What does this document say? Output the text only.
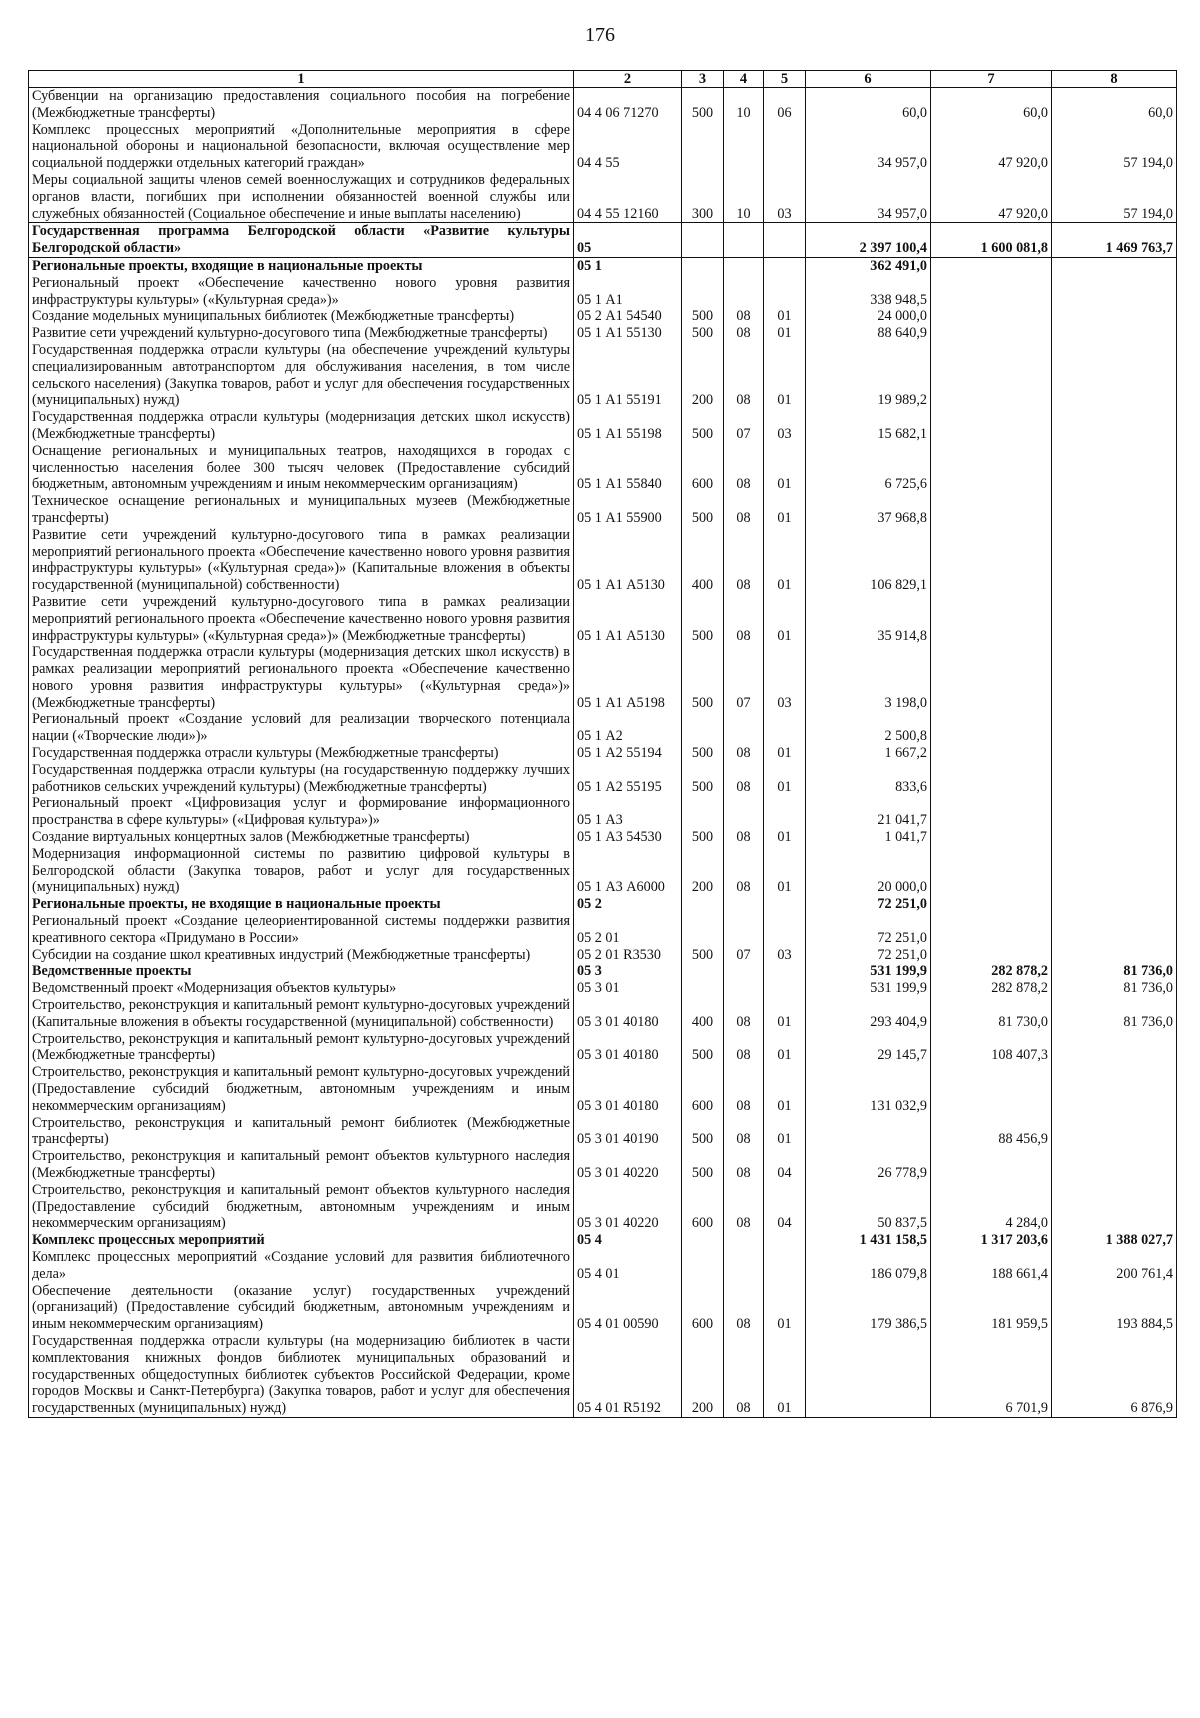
176
1	2	3	4	5	6	7	8
Субвенции на организацию предоставления социального пособия на погребение (Межбюджетные трансферты)	04 4 06 71270	500	10	06	60,0	60,0	60,0
Комплекс процессных мероприятий «Дополнительные мероприятия в сфере национальной обороны и национальной безопасности, включая осуществление мер социальной поддержки отдельных категорий граждан»	04 4 55				34 957,0	47 920,0	57 194,0
Меры социальной защиты членов семей военнослужащих и сотрудников федеральных органов власти, погибших при исполнении обязанностей военной службы или служебных обязанностей (Социальное обеспечение и иные выплаты населению)	04 4 55 12160	300	10	03	34 957,0	47 920,0	57 194,0
Государственная программа Белгородской области «Развитие культуры Белгородской области»	05				2 397 100,4	1 600 081,8	1 469 763,7
Региональные проекты, входящие в национальные проекты	05 1				362 491,0		
Региональный проект «Обеспечение качественно нового уровня развития инфраструктуры культуры» («Культурная среда»)»	05 1 А1				338 948,5		
Создание модельных муниципальных библиотек (Межбюджетные трансферты)	05 2 А1 54540	500	08	01	24 000,0		
Развитие сети учреждений культурно-досугового типа (Межбюджетные трансферты)	05 1 А1 55130	500	08	01	88 640,9		
Государственная поддержка отрасли культуры (на обеспечение учреждений культуры специализированным автотранспортом для обслуживания населения, в том числе сельского населения) (Закупка товаров, работ и услуг для обеспечения государственных (муниципальных) нужд)	05 1 А1 55191	200	08	01	19 989,2		
Государственная поддержка отрасли культуры (модернизация детских школ искусств) (Межбюджетные трансферты)	05 1 А1 55198	500	07	03	15 682,1		
Оснащение региональных и муниципальных театров, находящихся в городах с численностью населения более 300 тысяч человек (Предоставление субсидий бюджетным, автономным учреждениям и иным некоммерческим организациям)	05 1 А1 55840	600	08	01	6 725,6		
Техническое оснащение региональных и муниципальных музеев (Межбюджетные трансферты)	05 1 А1 55900	500	08	01	37 968,8		
Развитие сети учреждений культурно-досугового типа в рамках реализации мероприятий регионального проекта «Обеспечение качественно нового уровня развития инфраструктуры культуры» («Культурная среда»)» (Капитальные вложения в объекты государственной (муниципальной) собственности)	05 1 А1 А5130	400	08	01	106 829,1		
Развитие сети учреждений культурно-досугового типа в рамках реализации мероприятий регионального проекта «Обеспечение качественно нового уровня развития инфраструктуры культуры» («Культурная среда»)» (Межбюджетные трансферты)	05 1 А1 А5130	500	08	01	35 914,8		
Государственная поддержка отрасли культуры (модернизация детских школ искусств) в рамках реализации мероприятий регионального проекта «Обеспечение качественно нового уровня развития инфраструктуры культуры» («Культурная среда»)» (Межбюджетные трансферты)	05 1 А1 А5198	500	07	03	3 198,0		
Региональный проект «Создание условий для реализации творческого потенциала нации («Творческие люди»)»	05 1 А2				2 500,8		
Государственная поддержка отрасли культуры (Межбюджетные трансферты)	05 1 А2 55194	500	08	01	1 667,2		
Государственная поддержка отрасли культуры (на государственную поддержку лучших работников сельских учреждений культуры) (Межбюджетные трансферты)	05 1 А2 55195	500	08	01	833,6		
Региональный проект «Цифровизация услуг и формирование информационного пространства в сфере культуры» («Цифровая культура»)»	05 1 А3				21 041,7		
Создание виртуальных концертных залов (Межбюджетные трансферты)	05 1 А3 54530	500	08	01	1 041,7		
Модернизация информационной системы по развитию цифровой культуры в Белгородской области (Закупка товаров, работ и услуг для государственных (муниципальных) нужд)	05 1 А3 А6000	200	08	01	20 000,0		
Региональные проекты, не входящие в национальные проекты	05 2				72 251,0		
Региональный проект «Создание целеориентированной системы поддержки развития креативного сектора «Придумано в России»	05 2 01				72 251,0		
Субсидии на создание школ креативных индустрий (Межбюджетные трансферты)	05 2 01 R3530	500	07	03	72 251,0		
Ведомственные проекты	05 3				531 199,9	282 878,2	81 736,0
Ведомственный проект «Модернизация объектов культуры»	05 3 01				531 199,9	282 878,2	81 736,0
Строительство, реконструкция и капитальный ремонт культурно-досуговых учреждений (Капитальные вложения в объекты государственной (муниципальной) собственности)	05 3 01 40180	400	08	01	293 404,9	81 730,0	81 736,0
Строительство, реконструкция и капитальный ремонт культурно-досуговых учреждений (Межбюджетные трансферты)	05 3 01 40180	500	08	01	29 145,7	108 407,3	
Строительство, реконструкция и капитальный ремонт культурно-досуговых учреждений (Предоставление субсидий бюджетным, автономным учреждениям и иным некоммерческим организациям)	05 3 01 40180	600	08	01	131 032,9		
Строительство, реконструкция и капитальный ремонт библиотек (Межбюджетные трансферты)	05 3 01 40190	500	08	01		88 456,9	
Строительство, реконструкция и капитальный ремонт объектов культурного наследия (Межбюджетные трансферты)	05 3 01 40220	500	08	04	26 778,9		
Строительство, реконструкция и капитальный ремонт объектов культурного наследия (Предоставление субсидий бюджетным, автономным учреждениям и иным некоммерческим организациям)	05 3 01 40220	600	08	04	50 837,5	4 284,0	
Комплекс процессных мероприятий	05 4				1 431 158,5	1 317 203,6	1 388 027,7
Комплекс процессных мероприятий «Создание условий для развития библиотечного дела»	05 4 01				186 079,8	188 661,4	200 761,4
Обеспечение деятельности (оказание услуг) государственных учреждений (организаций) (Предоставление субсидий бюджетным, автономным учреждениям и иным некоммерческим организациям)	05 4 01 00590	600	08	01	179 386,5	181 959,5	193 884,5
Государственная поддержка отрасли культуры (на модернизацию библиотек в части комплектования книжных фондов библиотек муниципальных образований и государственных общедоступных библиотек субъектов Российской Федерации, кроме городов Москвы и Санкт-Петербурга) (Закупка товаров, работ и услуг для обеспечения государственных (муниципальных) нужд)	05 4 01 R5192	200	08	01		6 701,9	6 876,9
